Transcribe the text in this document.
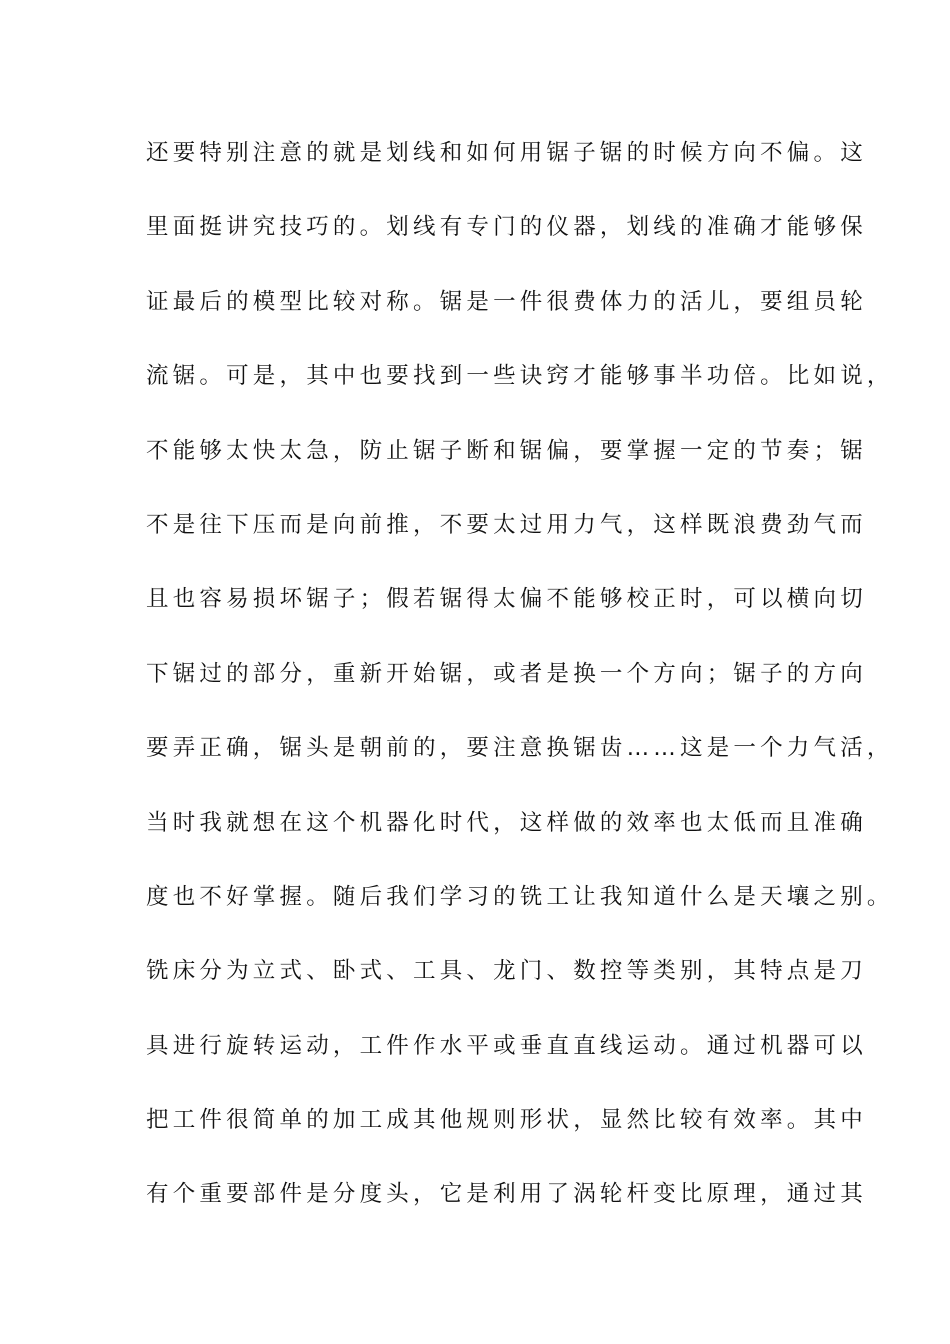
还要特别注意的就是划线和如何用锯子锯的时候方向不偏。这
里面挺讲究技巧的。划线有专门的仪器，划线的准确才能够保
证最后的模型比较对称。锯是一件很费体力的活儿，要组员轮
流锯。可是，其中也要找到一些诀窍才能够事半功倍。比如说，
不能够太快太急，防止锯子断和锯偏，要掌握一定的节奏；锯
不是往下压而是向前推，不要太过用力气，这样既浪费劲气而
且也容易损坏锯子；假若锯得太偏不能够校正时，可以横向切
下锯过的部分，重新开始锯，或者是换一个方向；锯子的方向
要弄正确，锯头是朝前的，要注意换锯齿……这是一个力气活，
当时我就想在这个机器化时代，这样做的效率也太低而且准确
度也不好掌握。随后我们学习的铣工让我知道什么是天壤之别。
铣床分为立式、卧式、工具、龙门、数控等类别，其特点是刀
具进行旋转运动，工件作水平或垂直直线运动。通过机器可以
把工件很简单的加工成其他规则形状，显然比较有效率。其中
有个重要部件是分度头，它是利用了涡轮杆变比原理，通过其
